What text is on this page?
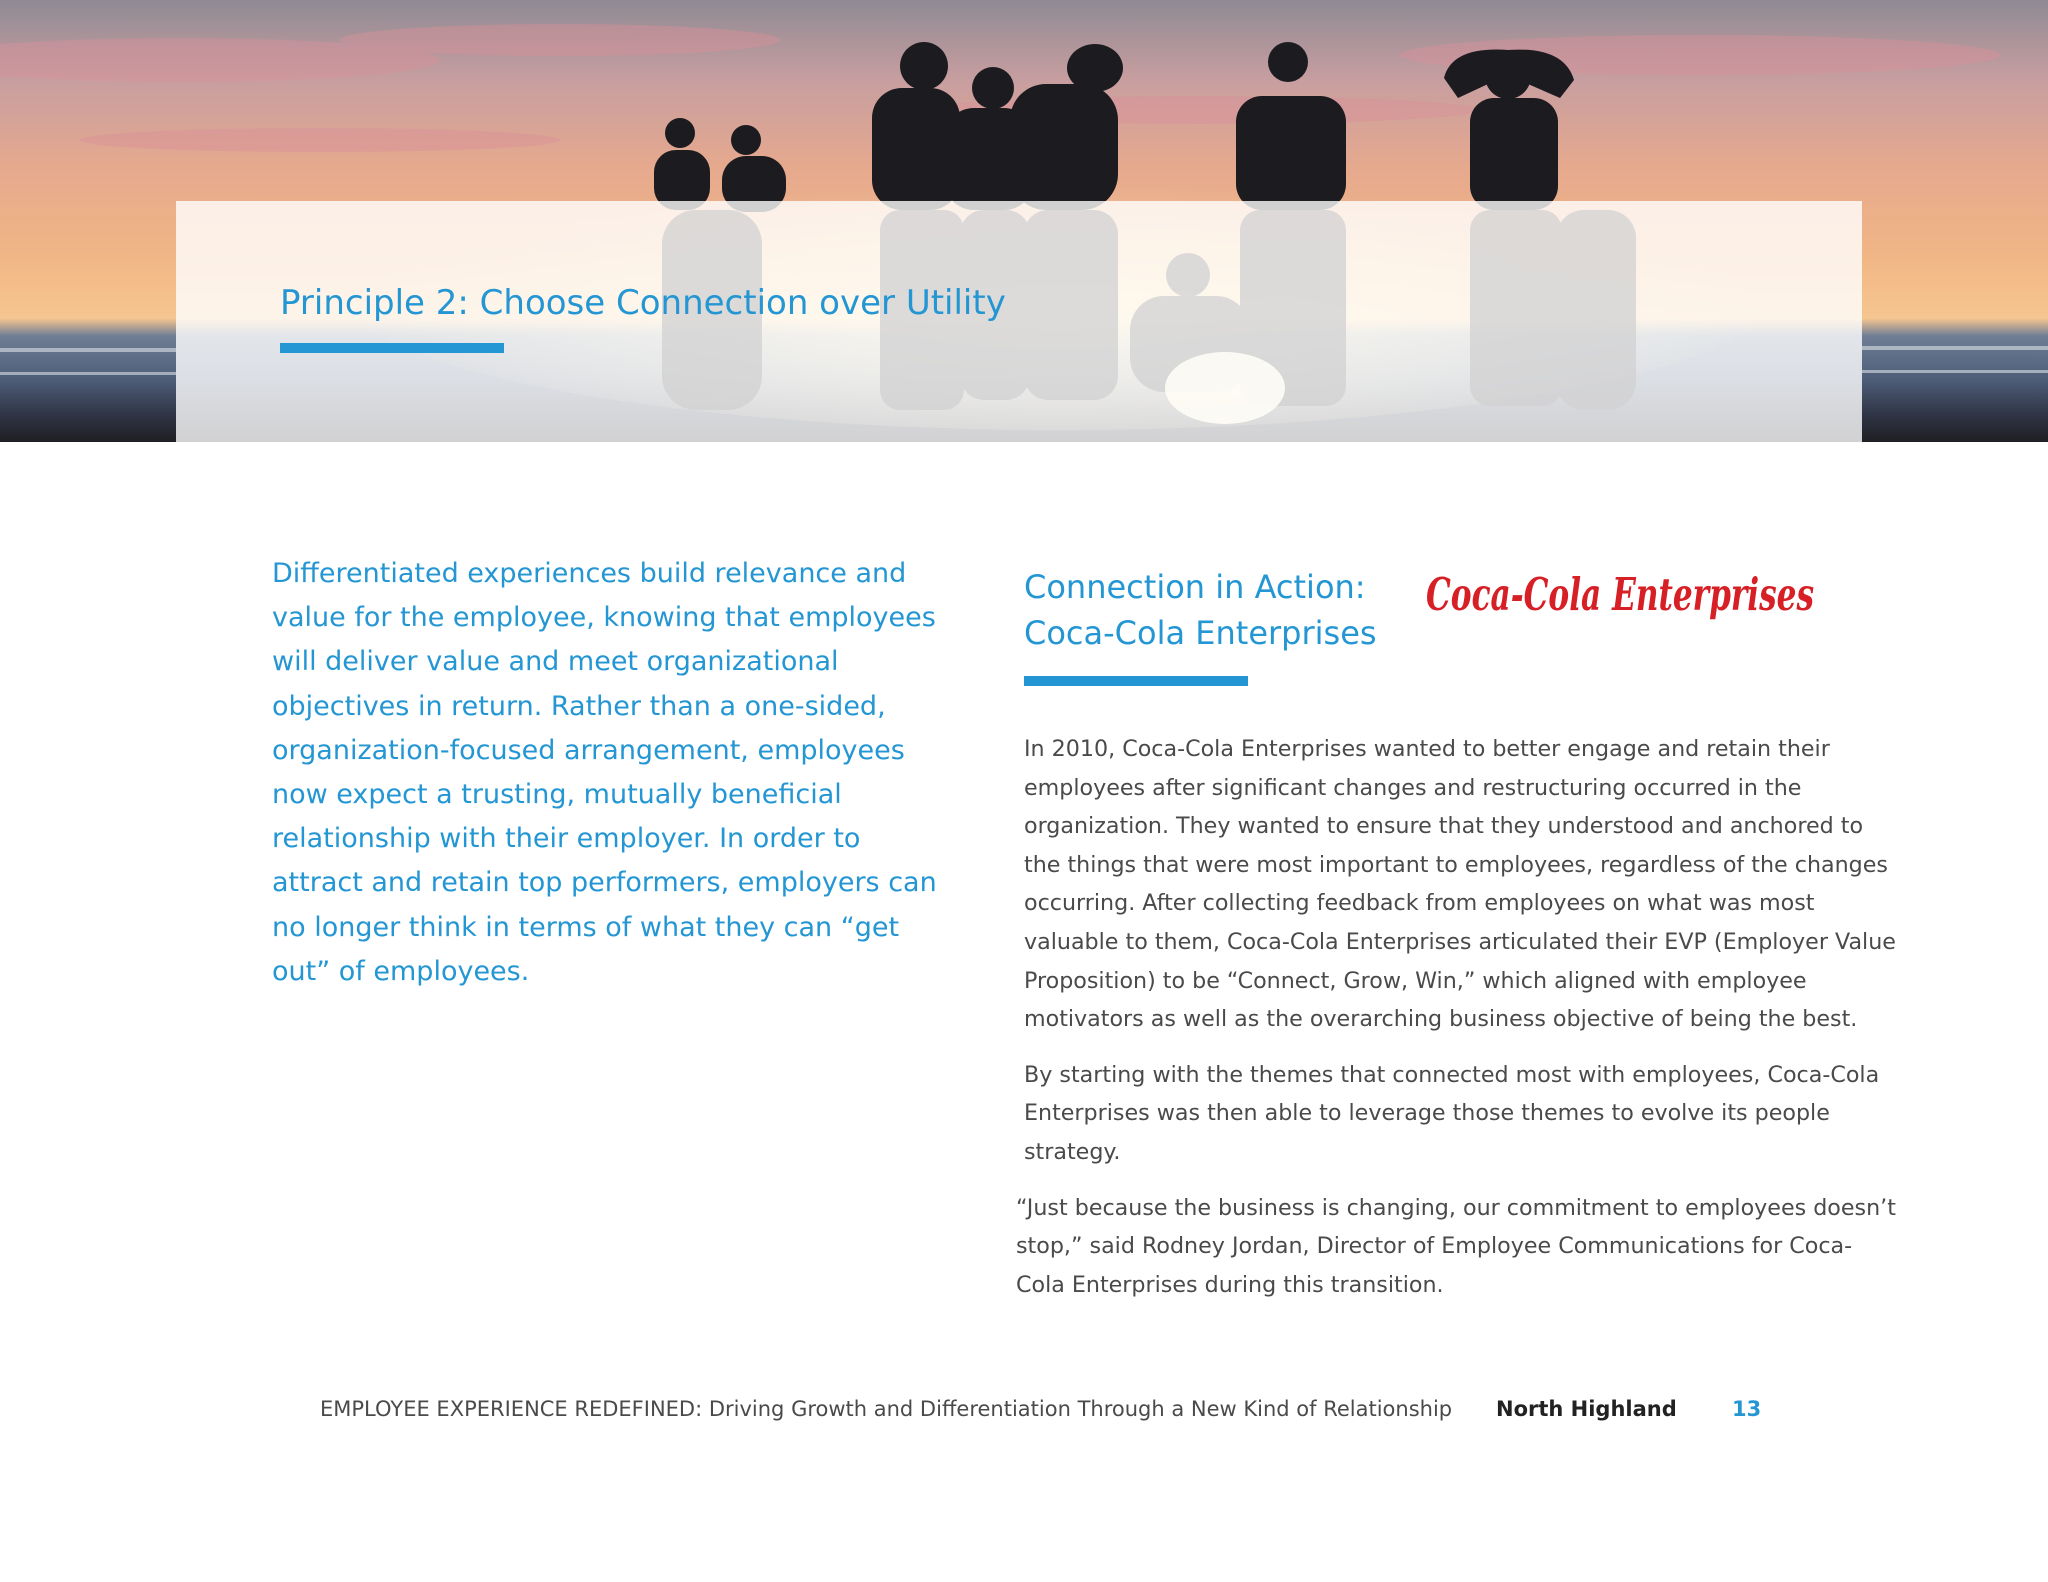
Principle 2: Choose Connection over Utility

Differentiated experiences build relevance and value for the employee, knowing that employees will deliver value and meet organizational objectives in return. Rather than a one-sided, organization-focused arrangement, employees now expect a trusting, mutually beneficial relationship with their employer. In order to attract and retain top performers, employers can no longer think in terms of what they can “get out” of employees.

Connection in Action:
Coca-Cola Enterprises
Coca-Cola Enterprises

In 2010, Coca-Cola Enterprises wanted to better engage and retain their employees after significant changes and restructuring occurred in the organization. They wanted to ensure that they understood and anchored to the things that were most important to employees, regardless of the changes occurring. After collecting feedback from employees on what was most valuable to them, Coca-Cola Enterprises articulated their EVP (Employer Value Proposition) to be “Connect, Grow, Win,” which aligned with employee motivators as well as the overarching business objective of being the best.

By starting with the themes that connected most with employees, Coca-Cola Enterprises was then able to leverage those themes to evolve its people strategy.

“Just because the business is changing, our commitment to employees doesn’t stop,” said Rodney Jordan, Director of Employee Communications for Coca-Cola Enterprises during this transition.

EMPLOYEE EXPERIENCE REDEFINED: Driving Growth and Differentiation Through a New Kind of Relationship North Highland	13
